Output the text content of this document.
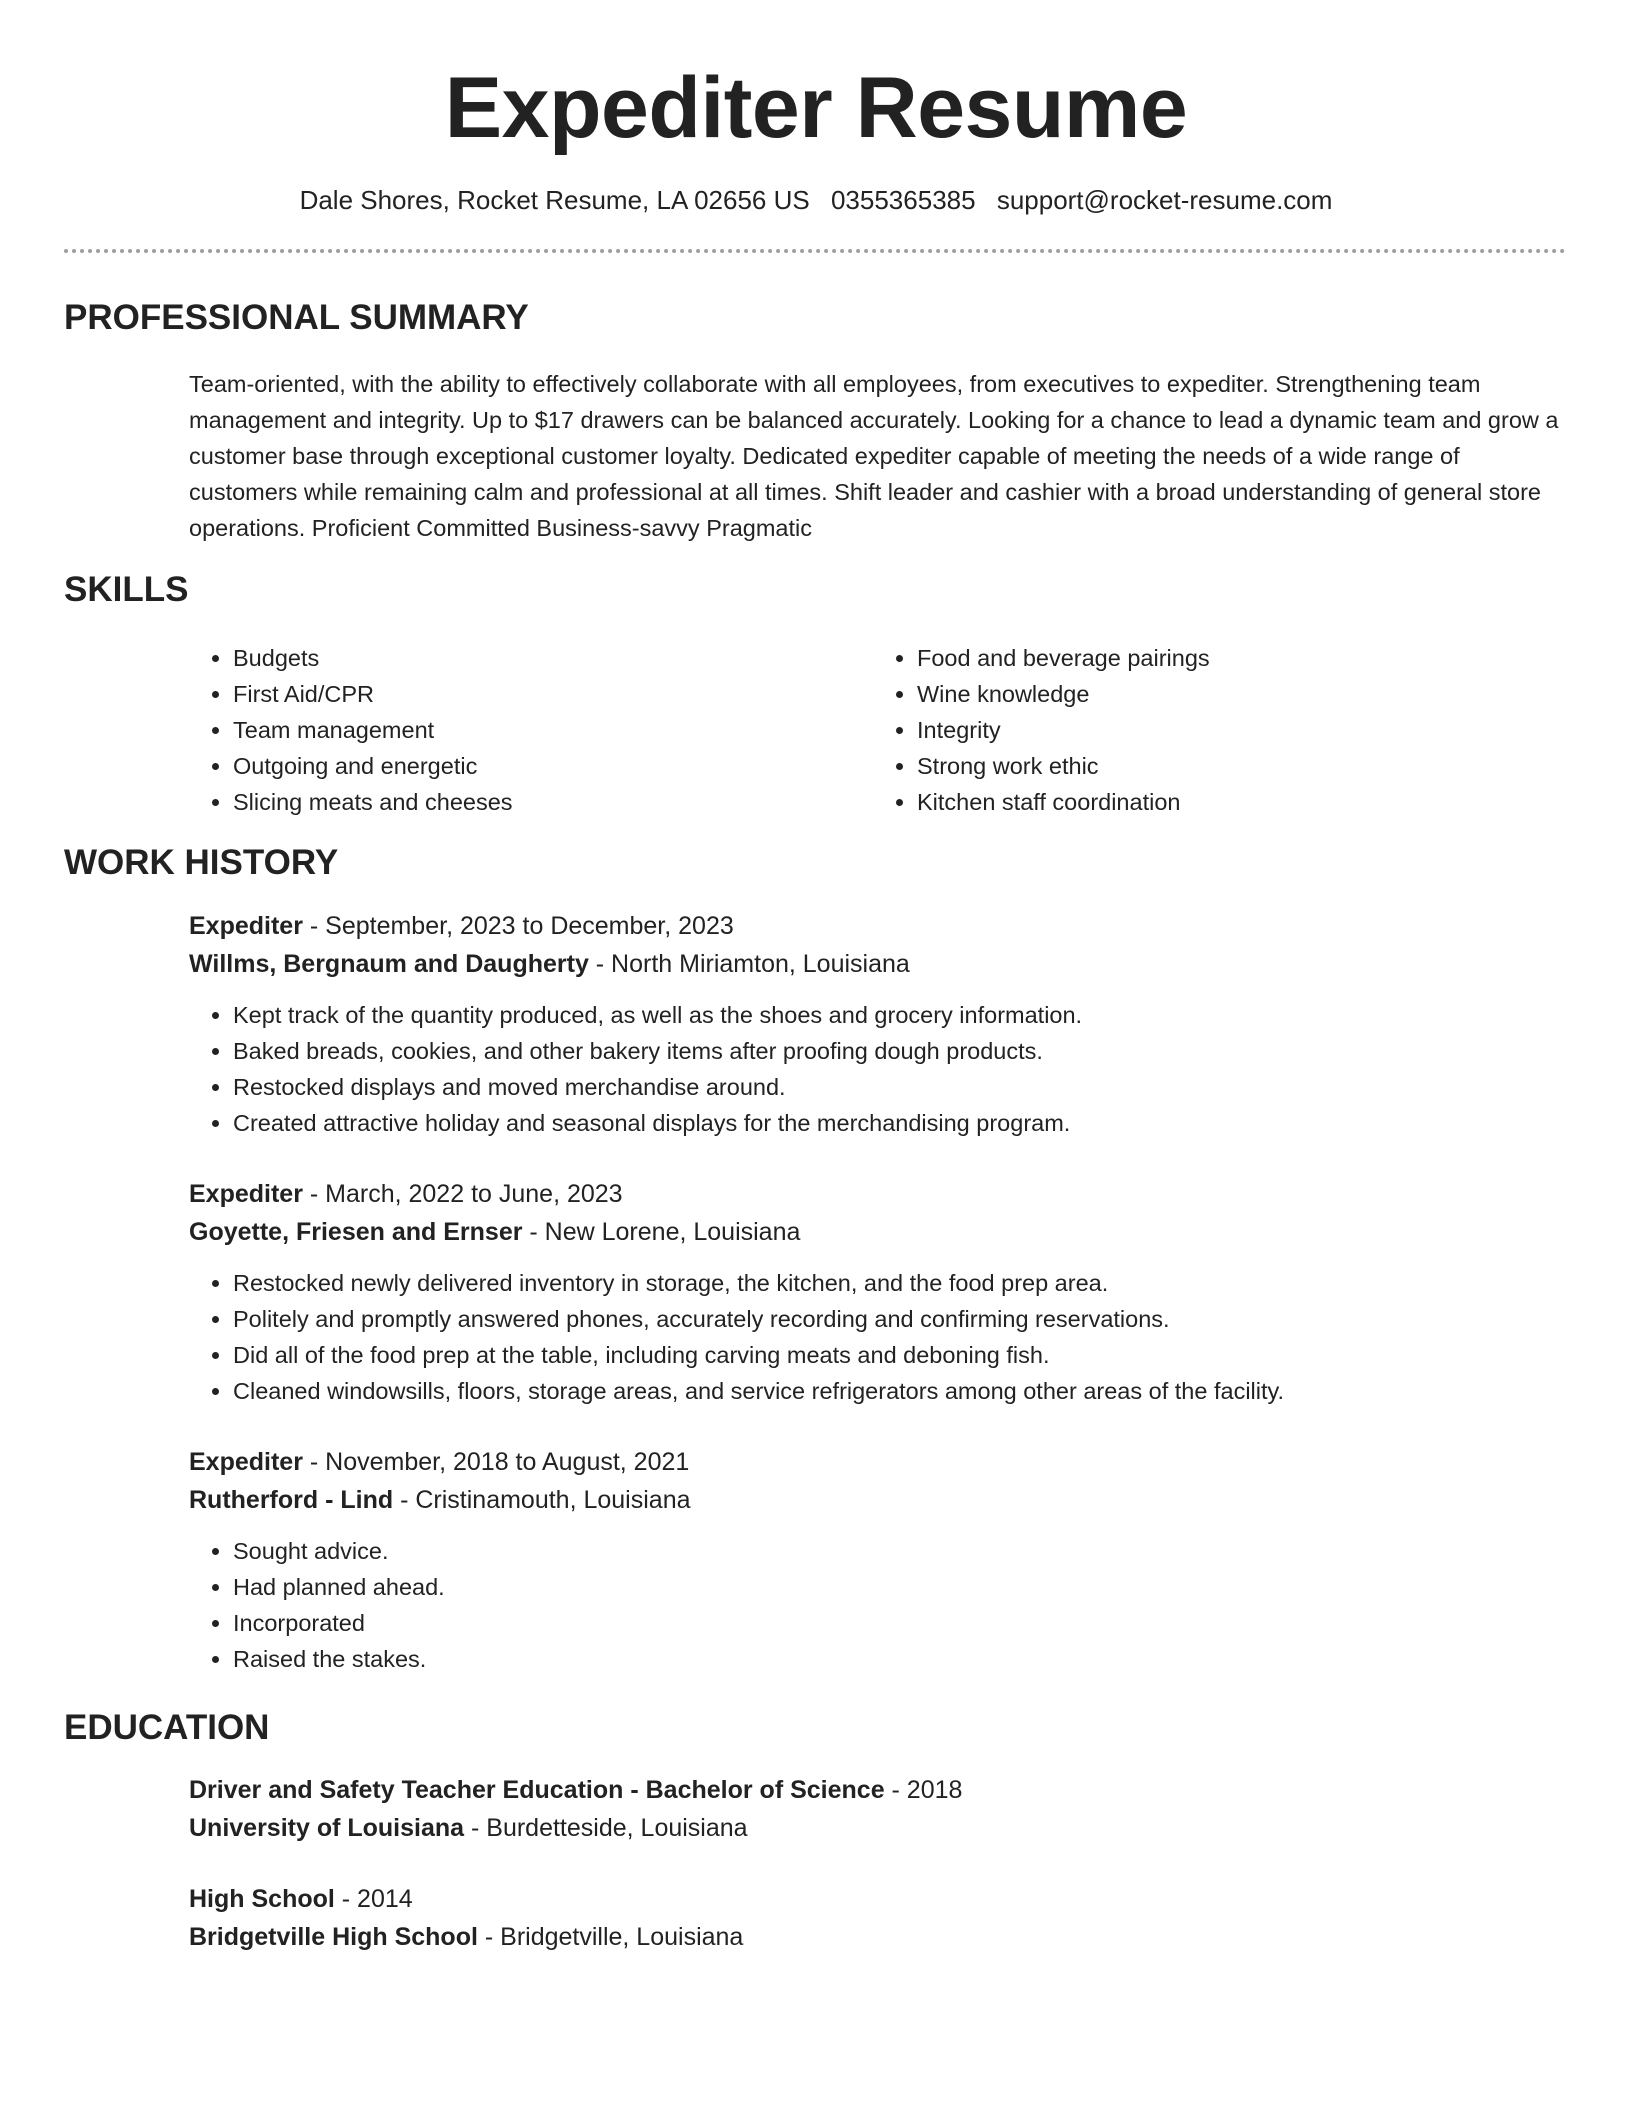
Expediter Resume
Dale Shores, Rocket Resume, LA 02656 US 0355365385 support@rocket-resume.com
PROFESSIONAL SUMMARY

Team-oriented, with the ability to effectively collaborate with all employees, from executives to expediter. Strengthening team management and integrity. Up to $17 drawers can be balanced accurately. Looking for a chance to lead a dynamic team and grow a customer base through exceptional customer loyalty. Dedicated expediter capable of meeting the needs of a wide range of customers while remaining calm and professional at all times. Shift leader and cashier with a broad understanding of general store operations. Proficient Committed Business-savvy Pragmatic

SKILLS
• Budgets
• First Aid/CPR
• Team management
• Outgoing and energetic
• Slicing meats and cheeses
• Food and beverage pairings
• Wine knowledge
• Integrity
• Strong work ethic
• Kitchen staff coordination
WORK HISTORY

Expediter - September, 2023 to December, 2023

Willms, Bergnaum and Daugherty - North Miriamton, Louisiana

• Kept track of the quantity produced, as well as the shoes and grocery information.
• Baked breads, cookies, and other bakery items after proofing dough products.
• Restocked displays and moved merchandise around.
• Created attractive holiday and seasonal displays for the merchandising program.

Expediter - March, 2022 to June, 2023

Goyette, Friesen and Ernser - New Lorene, Louisiana

• Restocked newly delivered inventory in storage, the kitchen, and the food prep area.
• Politely and promptly answered phones, accurately recording and confirming reservations.
• Did all of the food prep at the table, including carving meats and deboning fish.
• Cleaned windowsills, floors, storage areas, and service refrigerators among other areas of the facility.

Expediter - November, 2018 to August, 2021

Rutherford - Lind - Cristinamouth, Louisiana

• Sought advice.
• Had planned ahead.
• Incorporated
• Raised the stakes.
EDUCATION

Driver and Safety Teacher Education - Bachelor of Science - 2018

University of Louisiana - Burdetteside, Louisiana

High School - 2014

Bridgetville High School - Bridgetville, Louisiana
